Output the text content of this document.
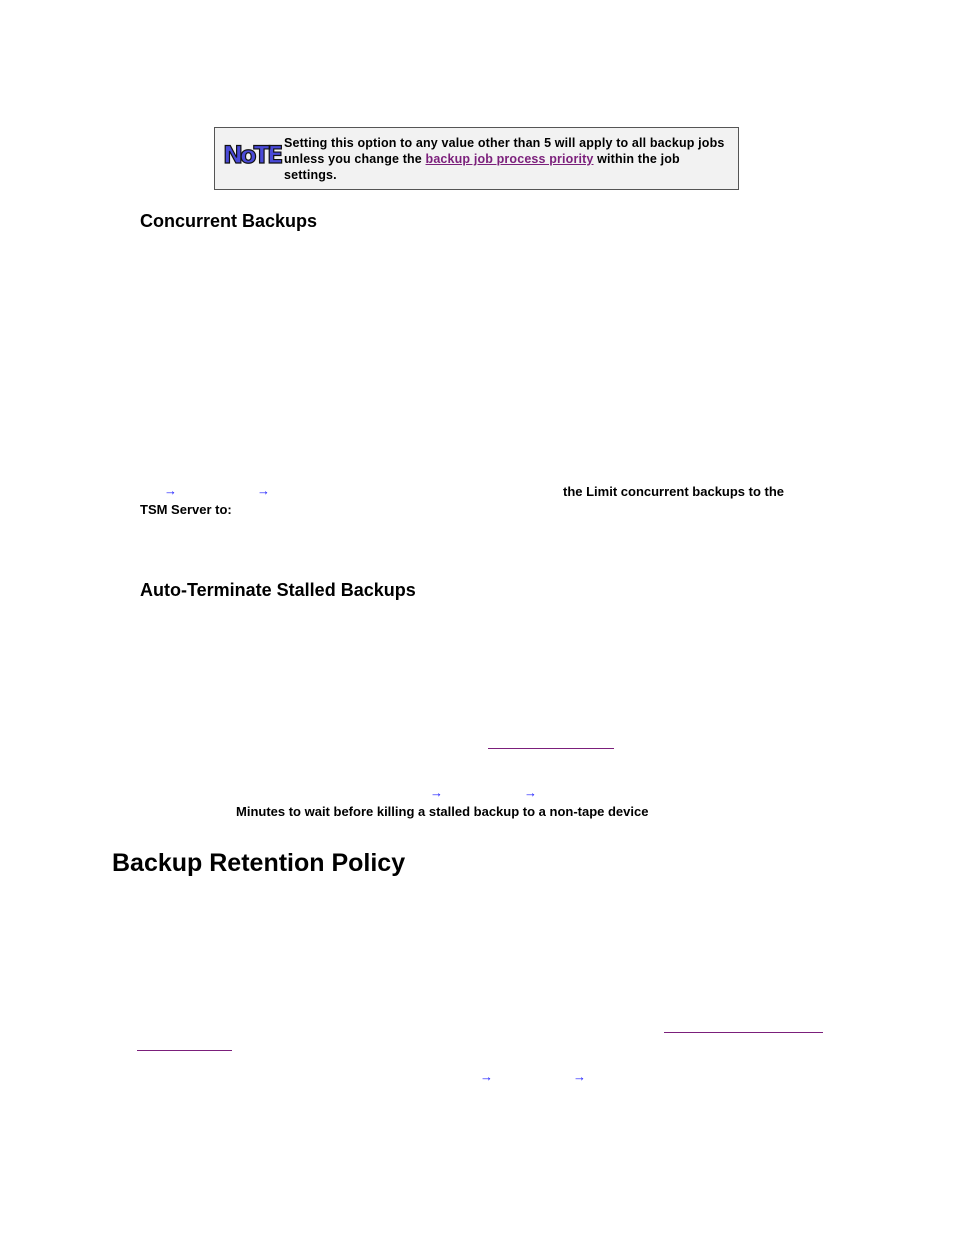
NoTE Setting this option to any value other than 5 will apply to all backup jobs unless you change the backup job process priority within the job settings.
Concurrent Backups
→	→	the Limit concurrent backups to the
TSM Server to:
Auto-Terminate Stalled Backups
→	→
Minutes to wait before killing a stalled backup to a non-tape device
Backup Retention Policy
→	→
